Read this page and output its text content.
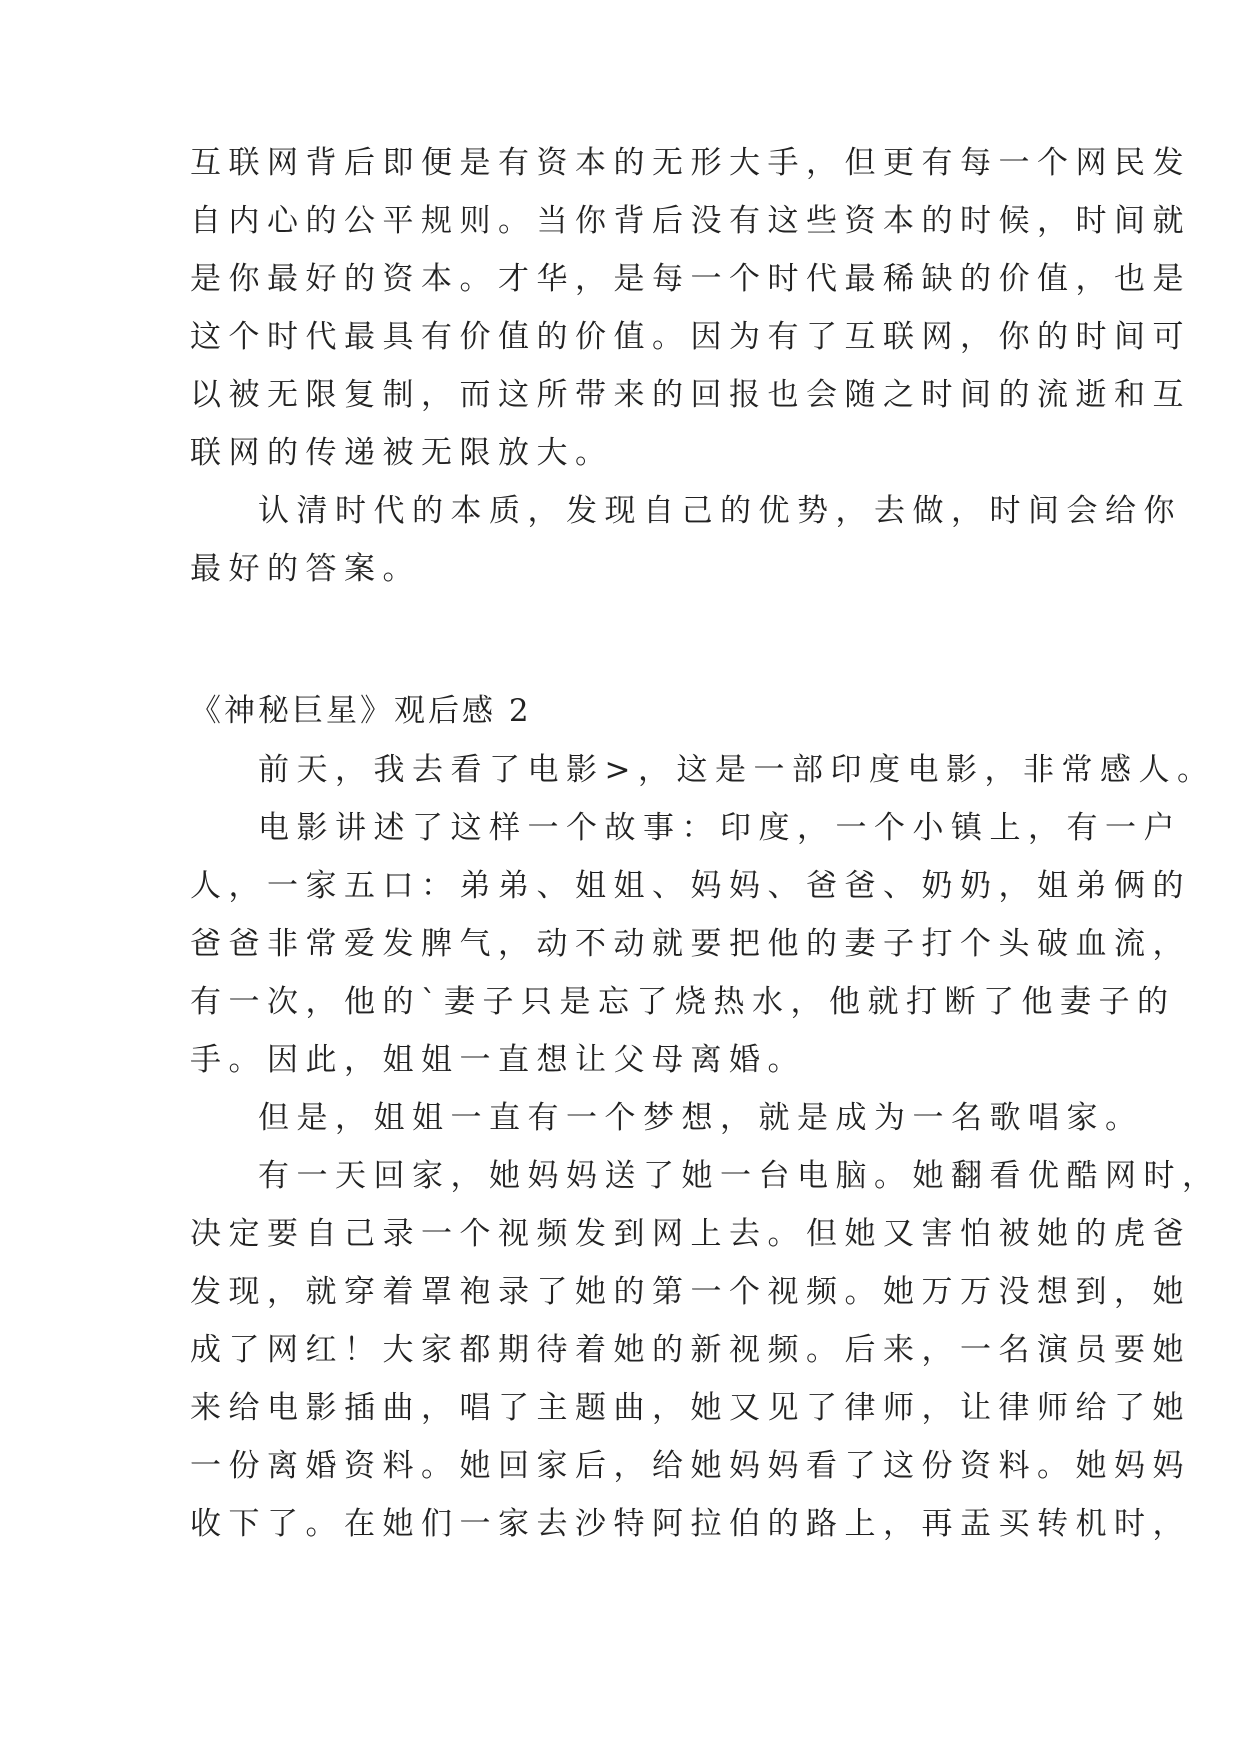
互联网背后即便是有资本的无形大手，但更有每一个网民发
自内心的公平规则。当你背后没有这些资本的时候，时间就
是你最好的资本。才华，是每一个时代最稀缺的价值，也是
这个时代最具有价值的价值。因为有了互联网，你的时间可
以被无限复制，而这所带来的回报也会随之时间的流逝和互
联网的传递被无限放大。
认清时代的本质，发现自己的优势，去做，时间会给你
最好的答案。
《神秘巨星》观后感 2
前天，我去看了电影>，这是一部印度电影，非常感人。
电影讲述了这样一个故事：印度，一个小镇上，有一户
人，一家五口：弟弟、姐姐、妈妈、爸爸、奶奶，姐弟俩的
爸爸非常爱发脾气，动不动就要把他的妻子打个头破血流，
有一次，他的`妻子只是忘了烧热水，他就打断了他妻子的
手。因此，姐姐一直想让父母离婚。
但是，姐姐一直有一个梦想，就是成为一名歌唱家。
有一天回家，她妈妈送了她一台电脑。她翻看优酷网时，
决定要自己录一个视频发到网上去。但她又害怕被她的虎爸
发现，就穿着罩袍录了她的第一个视频。她万万没想到，她
成了网红！大家都期待着她的新视频。后来，一名演员要她
来给电影插曲，唱了主题曲，她又见了律师，让律师给了她
一份离婚资料。她回家后，给她妈妈看了这份资料。她妈妈
收下了。在她们一家去沙特阿拉伯的路上，再盂买转机时，
